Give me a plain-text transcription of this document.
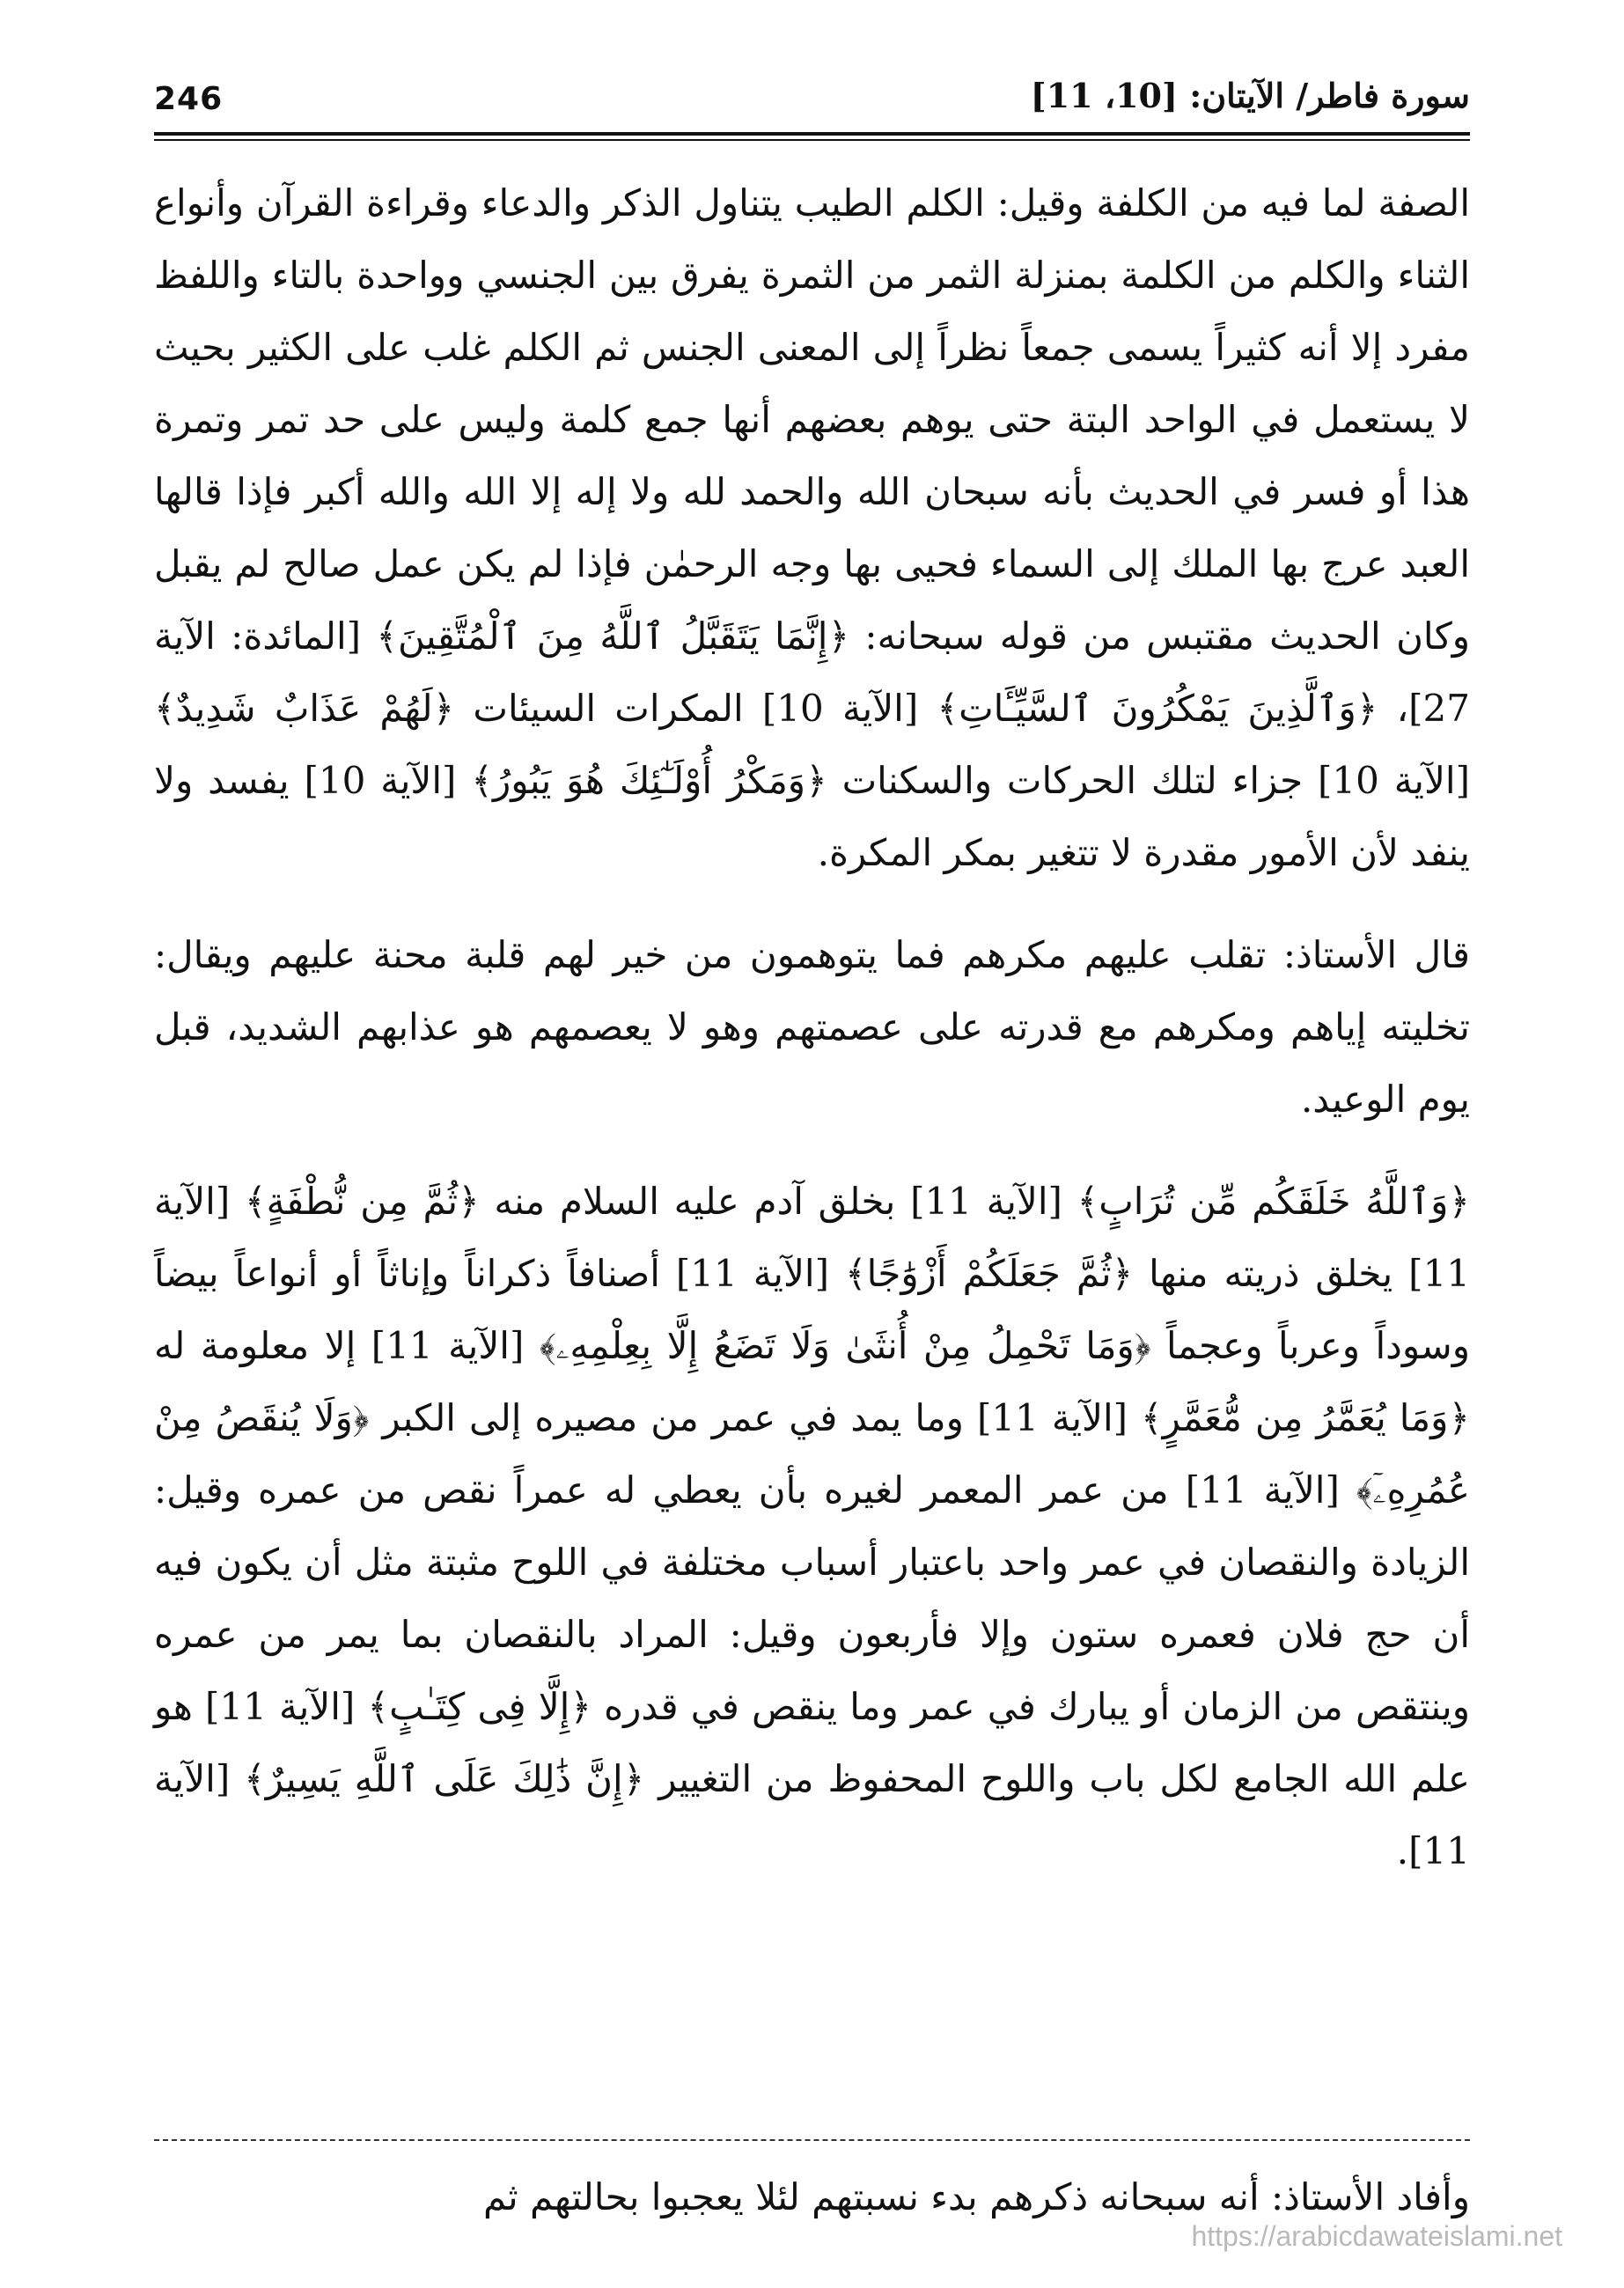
246	سورة فاطر/ الآيتان: [10، 11]

الصفة لما فيه من الكلفة وقيل: الكلم الطيب يتناول الذكر والدعاء وقراءة القرآن وأنواع الثناء والكلم من الكلمة بمنزلة الثمر من الثمرة يفرق بين الجنسي وواحدة بالتاء واللفظ مفرد إلا أنه كثيراً يسمى جمعاً نظراً إلى المعنى الجنس ثم الكلم غلب على الكثير بحيث لا يستعمل في الواحد البتة حتى يوهم بعضهم أنها جمع كلمة وليس على حد تمر وتمرة هذا أو فسر في الحديث بأنه سبحان الله والحمد لله ولا إله إلا الله والله أكبر فإذا قالها العبد عرج بها الملك إلى السماء فحيى بها وجه الرحمٰن فإذا لم يكن عمل صالح لم يقبل وكان الحديث مقتبس من قوله سبحانه: ﴿إِنَّمَا يَتَقَبَّلُ ٱللَّهُ مِنَ ٱلْمُتَّقِينَ﴾ [المائدة: الآية 27]، ﴿وَٱلَّذِينَ يَمْكُرُونَ ٱلسَّيِّـَٔاتِ﴾ [الآية 10] المكرات السيئات ﴿لَهُمْ عَذَابٌ شَدِيدٌ﴾ [الآية 10] جزاء لتلك الحركات والسكنات ﴿وَمَكْرُ أُوْلَـٰٓئِكَ هُوَ يَبُورُ﴾ [الآية 10] يفسد ولا ينفد لأن الأمور مقدرة لا تتغير بمكر المكرة.

قال الأستاذ: تقلب عليهم مكرهم فما يتوهمون من خير لهم قلبة محنة عليهم ويقال: تخليته إياهم ومكرهم مع قدرته على عصمتهم وهو لا يعصمهم هو عذابهم الشديد، قبل يوم الوعيد.

﴿وَٱللَّهُ خَلَقَكُم مِّن تُرَابٍ﴾ [الآية 11] بخلق آدم عليه السلام منه ﴿ثُمَّ مِن نُّطْفَةٍ﴾ [الآية 11] يخلق ذريته منها ﴿ثُمَّ جَعَلَكُمْ أَزْوَٰجًا﴾ [الآية 11] أصنافاً ذكراناً وإناثاً أو أنواعاً بيضاً وسوداً وعرباً وعجماً ﴿وَمَا تَحْمِلُ مِنْ أُنثَىٰ وَلَا تَضَعُ إِلَّا بِعِلْمِهِۦ﴾ [الآية 11] إلا معلومة له ﴿وَمَا يُعَمَّرُ مِن مُّعَمَّرٍ﴾ [الآية 11] وما يمد في عمر من مصيره إلى الكبر ﴿وَلَا يُنقَصُ مِنْ عُمُرِهِۦٓ﴾ [الآية 11] من عمر المعمر لغيره بأن يعطي له عمراً نقص من عمره وقيل: الزيادة والنقصان في عمر واحد باعتبار أسباب مختلفة في اللوح مثبتة مثل أن يكون فيه أن حج فلان فعمره ستون وإلا فأربعون وقيل: المراد بالنقصان بما يمر من عمره وينتقص من الزمان أو يبارك في عمر وما ينقص في قدره ﴿إِلَّا فِى كِتَـٰبٍ﴾ [الآية 11] هو علم الله الجامع لكل باب واللوح المحفوظ من التغيير ﴿إِنَّ ذَٰلِكَ عَلَى ٱللَّهِ يَسِيرٌ﴾ [الآية 11].

وأفاد الأستاذ: أنه سبحانه ذكرهم بدء نسبتهم لئلا يعجبوا بحالتهم ثم
https://arabicdawateislami.net
